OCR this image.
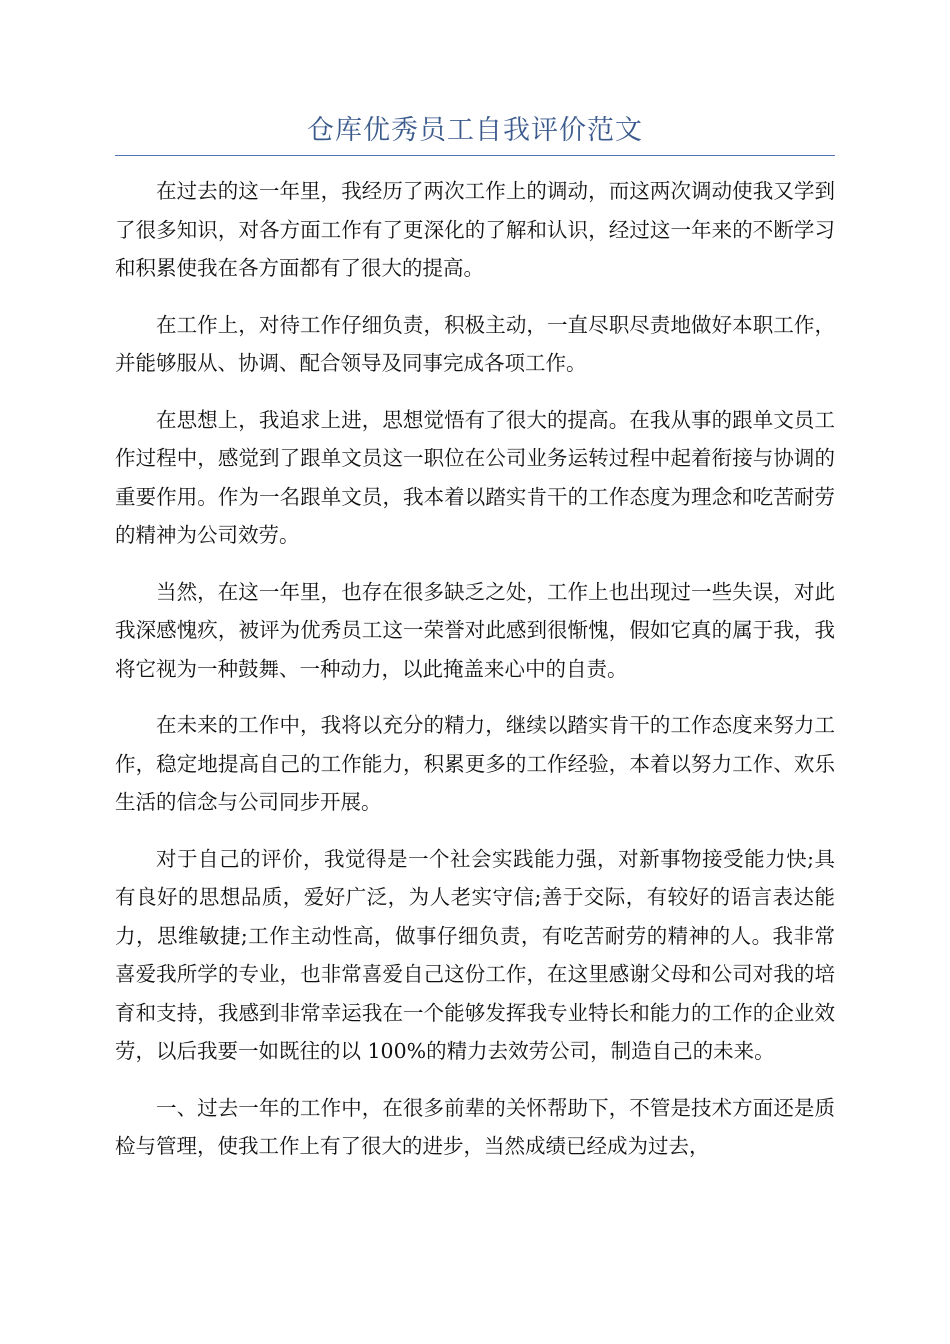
仓库优秀员工自我评价范文

在过去的这一年里，我经历了两次工作上的调动，而这两次调动使我又学到了很多知识，对各方面工作有了更深化的了解和认识，经过这一年来的不断学习和积累使我在各方面都有了很大的提高。

在工作上，对待工作仔细负责，积极主动，一直尽职尽责地做好本职工作，并能够服从、协调、配合领导及同事完成各项工作。

在思想上，我追求上进，思想觉悟有了很大的提高。在我从事的跟单文员工作过程中，感觉到了跟单文员这一职位在公司业务运转过程中起着衔接与协调的重要作用。作为一名跟单文员，我本着以踏实肯干的工作态度为理念和吃苦耐劳的精神为公司效劳。

当然，在这一年里，也存在很多缺乏之处，工作上也出现过一些失误，对此我深感愧疚，被评为优秀员工这一荣誉对此感到很惭愧，假如它真的属于我，我将它视为一种鼓舞、一种动力，以此掩盖来心中的自责。

在未来的工作中，我将以充分的精力，继续以踏实肯干的工作态度来努力工作，稳定地提高自己的工作能力，积累更多的工作经验，本着以努力工作、欢乐生活的信念与公司同步开展。

对于自己的评价，我觉得是一个社会实践能力强，对新事物接受能力快;具有良好的思想品质，爱好广泛，为人老实守信;善于交际，有较好的语言表达能力，思维敏捷;工作主动性高，做事仔细负责，有吃苦耐劳的精神的人。我非常喜爱我所学的专业，也非常喜爱自己这份工作，在这里感谢父母和公司对我的培育和支持，我感到非常幸运我在一个能够发挥我专业特长和能力的工作的企业效劳，以后我要一如既往的以 100%的精力去效劳公司，制造自己的未来。

一、过去一年的工作中，在很多前辈的关怀帮助下，不管是技术方面还是质检与管理，使我工作上有了很大的进步，当然成绩已经成为过去，
